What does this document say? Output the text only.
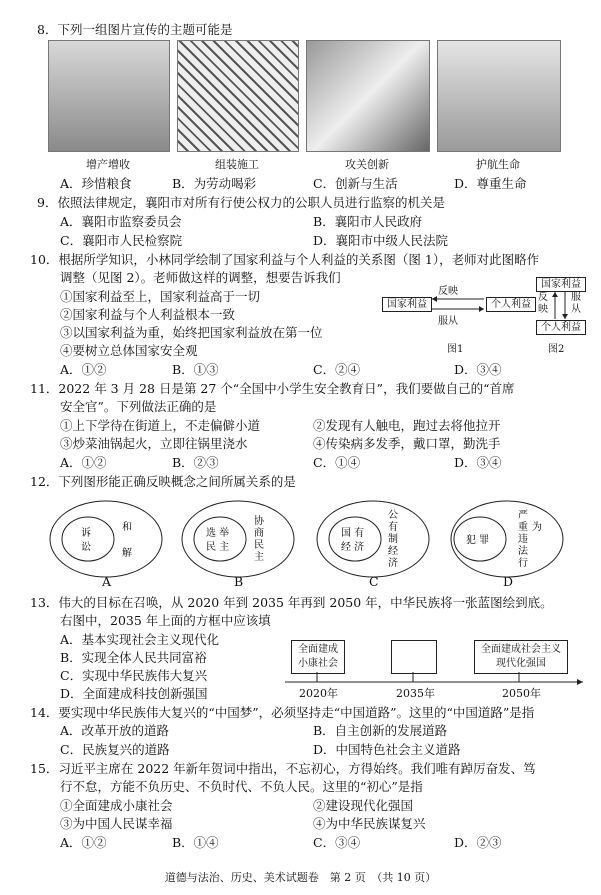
8．下列一组图片宣传的主题可能是
增产增收	组装施工	攻关创新	护航生命
A．珍惜粮食	B．为劳动喝彩	C．创新与生活	D．尊重生命
9．依照法律规定，襄阳市对所有行使公权力的公职人员进行监察的机关是
A．襄阳市监察委员会	B．襄阳市人民政府
C．襄阳市人民检察院	D．襄阳市中级人民法院
10．根据所学知识，小林同学绘制了国家利益与个人利益的关系图（图 1），老师对此图略作
调整（见图 2）。老师做这样的调整，想要告诉我们
①国家利益至上，国家利益高于一切
②国家利益与个人利益根本一致
③以国家利益为重，始终把国家利益放在第一位
④要树立总体国家安全观
A．①②	B．①③	C．②④	D．③④
国家利益	个人利益
反映
服从
图1
国家利益
个人利益
反映
服从
图2
11．2022 年 3 月 28 日是第 27 个“全国中小学生安全教育日”，我们要做自己的“首席
安全官”。下列做法正确的是
①上下学待在街道上，不走偏僻小道	②发现有人触电，跑过去将他拉开
③炒菜油锅起火，立即往锅里浇水	④传染病多发季，戴口罩，勤洗手
A．①②	B．②③	C．①④	D．③④
12．下列图形能正确反映概念之间所属关系的是
诉
讼
和
解
选 举
民 主
协
商
民
主
国 有
经 济
公
有
制
经
济
犯 罪
严
重
违
法
行
为
A	B	C	D
13．伟大的目标在召唤，从 2020 年到 2035 年再到 2050 年，中华民族将一张蓝图绘到底。
右图中，2035 年上面的方框中应该填
A．基本实现社会主义现代化
B．实现全体人民共同富裕
C．实现中华民族伟大复兴
D．全面建成科技创新强国
全面建成
小康社会
全面建成社会主义
现代化强国
2020年	2035年	2050年
14．要实现中华民族伟大复兴的“中国梦”，必须坚持走“中国道路”。这里的“中国道路”是指
A．改革开放的道路	B．自主创新的发展道路
C．民族复兴的道路	D．中国特色社会主义道路
15．习近平主席在 2022 年新年贺词中指出，不忘初心，方得始终。我们唯有踔厉奋发、笃
行不怠，方能不负历史、不负时代、不负人民。这里的“初心”是指
①全面建成小康社会	②建设现代化强国
③为中国人民谋幸福	④为中华民族谋复兴
A．①②	B．①④	C．③④	D．②③
道德与法治、历史、美术试题卷　第 2 页　（共 10 页）
